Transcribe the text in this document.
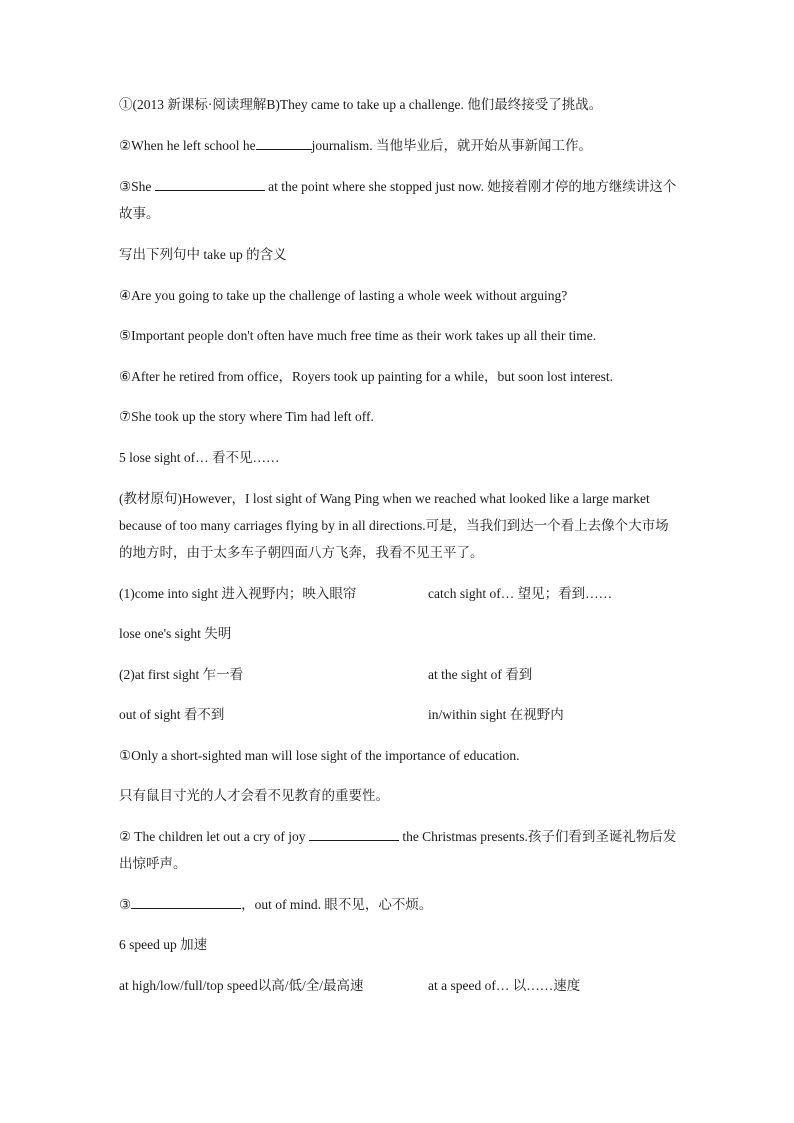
①(2013 新课标·阅读理解B)They came to take up a challenge. 他们最终接受了挑战。
②When he left school he	journalism. 当他毕业后，就开始从事新闻工作。
③She	at the point where she stopped just now. 她接着刚才停的地方继续讲这个故事。
写出下列句中 take up 的含义
④Are you going to take up the challenge of lasting a whole week without arguing?
⑤Important people don't often have much free time as their work takes up all their time.
⑥After he retired from office，Royers took up painting for a while，but soon lost interest.
⑦She took up the story where Tim had left off.
5 lose sight of… 看不见……
(教材原句)However，I lost sight of Wang Ping when we reached what looked like a large market because of too many carriages flying by in all directions.可是，当我们到达一个看上去像个大市场的地方时，由于太多车子朝四面八方飞奔，我看不见王平了。
(1)come into sight 进入视野内；映入眼帘	catch sight of… 望见；看到……
lose one's sight 失明
(2)at first sight 乍一看	at the sight of 看到
out of sight 看不到	in/within sight 在视野内
①Only a short-sighted man will lose sight of the importance of education.
只有鼠目寸光的人才会看不见教育的重要性。
② The children let out a cry of joy	the Christmas presents.孩子们看到圣诞礼物后发出惊呼声。
③	，out of mind. 眼不见，心不烦。
6 speed up 加速
at high/low/full/top speed以高/低/全/最高速	at a speed of… 以……速度
